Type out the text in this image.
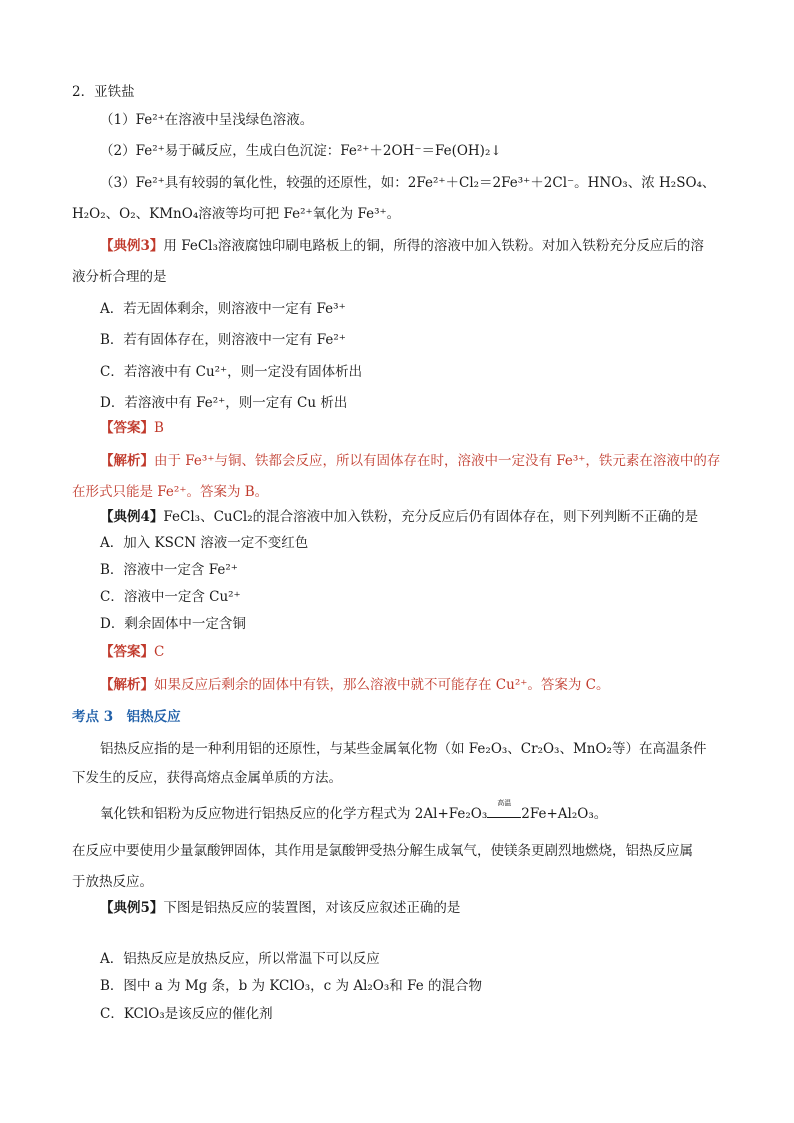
2．亚铁盐
（1）Fe²⁺在溶液中呈浅绿色溶液。
（2）Fe²⁺易于碱反应，生成白色沉淀：Fe²⁺＋2OH⁻＝Fe(OH)₂↓
（3）Fe²⁺具有较弱的氧化性，较强的还原性，如：2Fe²⁺＋Cl₂＝2Fe³⁺＋2Cl⁻。HNO₃、浓 H₂SO₄、
H₂O₂、O₂、KMnO₄溶液等均可把 Fe²⁺氧化为 Fe³⁺。
【典例3】用 FeCl₃溶液腐蚀印刷电路板上的铜，所得的溶液中加入铁粉。对加入铁粉充分反应后的溶
液分析合理的是
A．若无固体剩余，则溶液中一定有 Fe³⁺
B．若有固体存在，则溶液中一定有 Fe²⁺
C．若溶液中有 Cu²⁺，则一定没有固体析出
D．若溶液中有 Fe²⁺，则一定有 Cu 析出
【答案】B
【解析】由于 Fe³⁺与铜、铁都会反应，所以有固体存在时，溶液中一定没有 Fe³⁺，铁元素在溶液中的存
在形式只能是 Fe²⁺。答案为 B。
【典例4】FeCl₃、CuCl₂的混合溶液中加入铁粉，充分反应后仍有固体存在，则下列判断不正确的是
A．加入 KSCN 溶液一定不变红色
B．溶液中一定含 Fe²⁺
C．溶液中一定含 Cu²⁺
D．剩余固体中一定含铜
【答案】C
【解析】如果反应后剩余的固体中有铁，那么溶液中就不可能存在 Cu²⁺。答案为 C。
考点 3　铝热反应
铝热反应指的是一种利用铝的还原性，与某些金属氧化物（如 Fe₂O₃、Cr₂O₃、MnO₂等）在高温条件
下发生的反应，获得高熔点金属单质的方法。
氧化铁和铝粉为反应物进行铝热反应的化学方程式为 2Al+Fe₂O₃
高温
2Fe+Al₂O₃。
在反应中要使用少量氯酸钾固体，其作用是氯酸钾受热分解生成氧气，使镁条更剧烈地燃烧，铝热反应属
于放热反应。
【典例5】下图是铝热反应的装置图，对该反应叙述正确的是
A．铝热反应是放热反应，所以常温下可以反应
B．图中 a 为 Mg 条，b 为 KClO₃，c 为 Al₂O₃和 Fe 的混合物
C．KClO₃是该反应的催化剂
